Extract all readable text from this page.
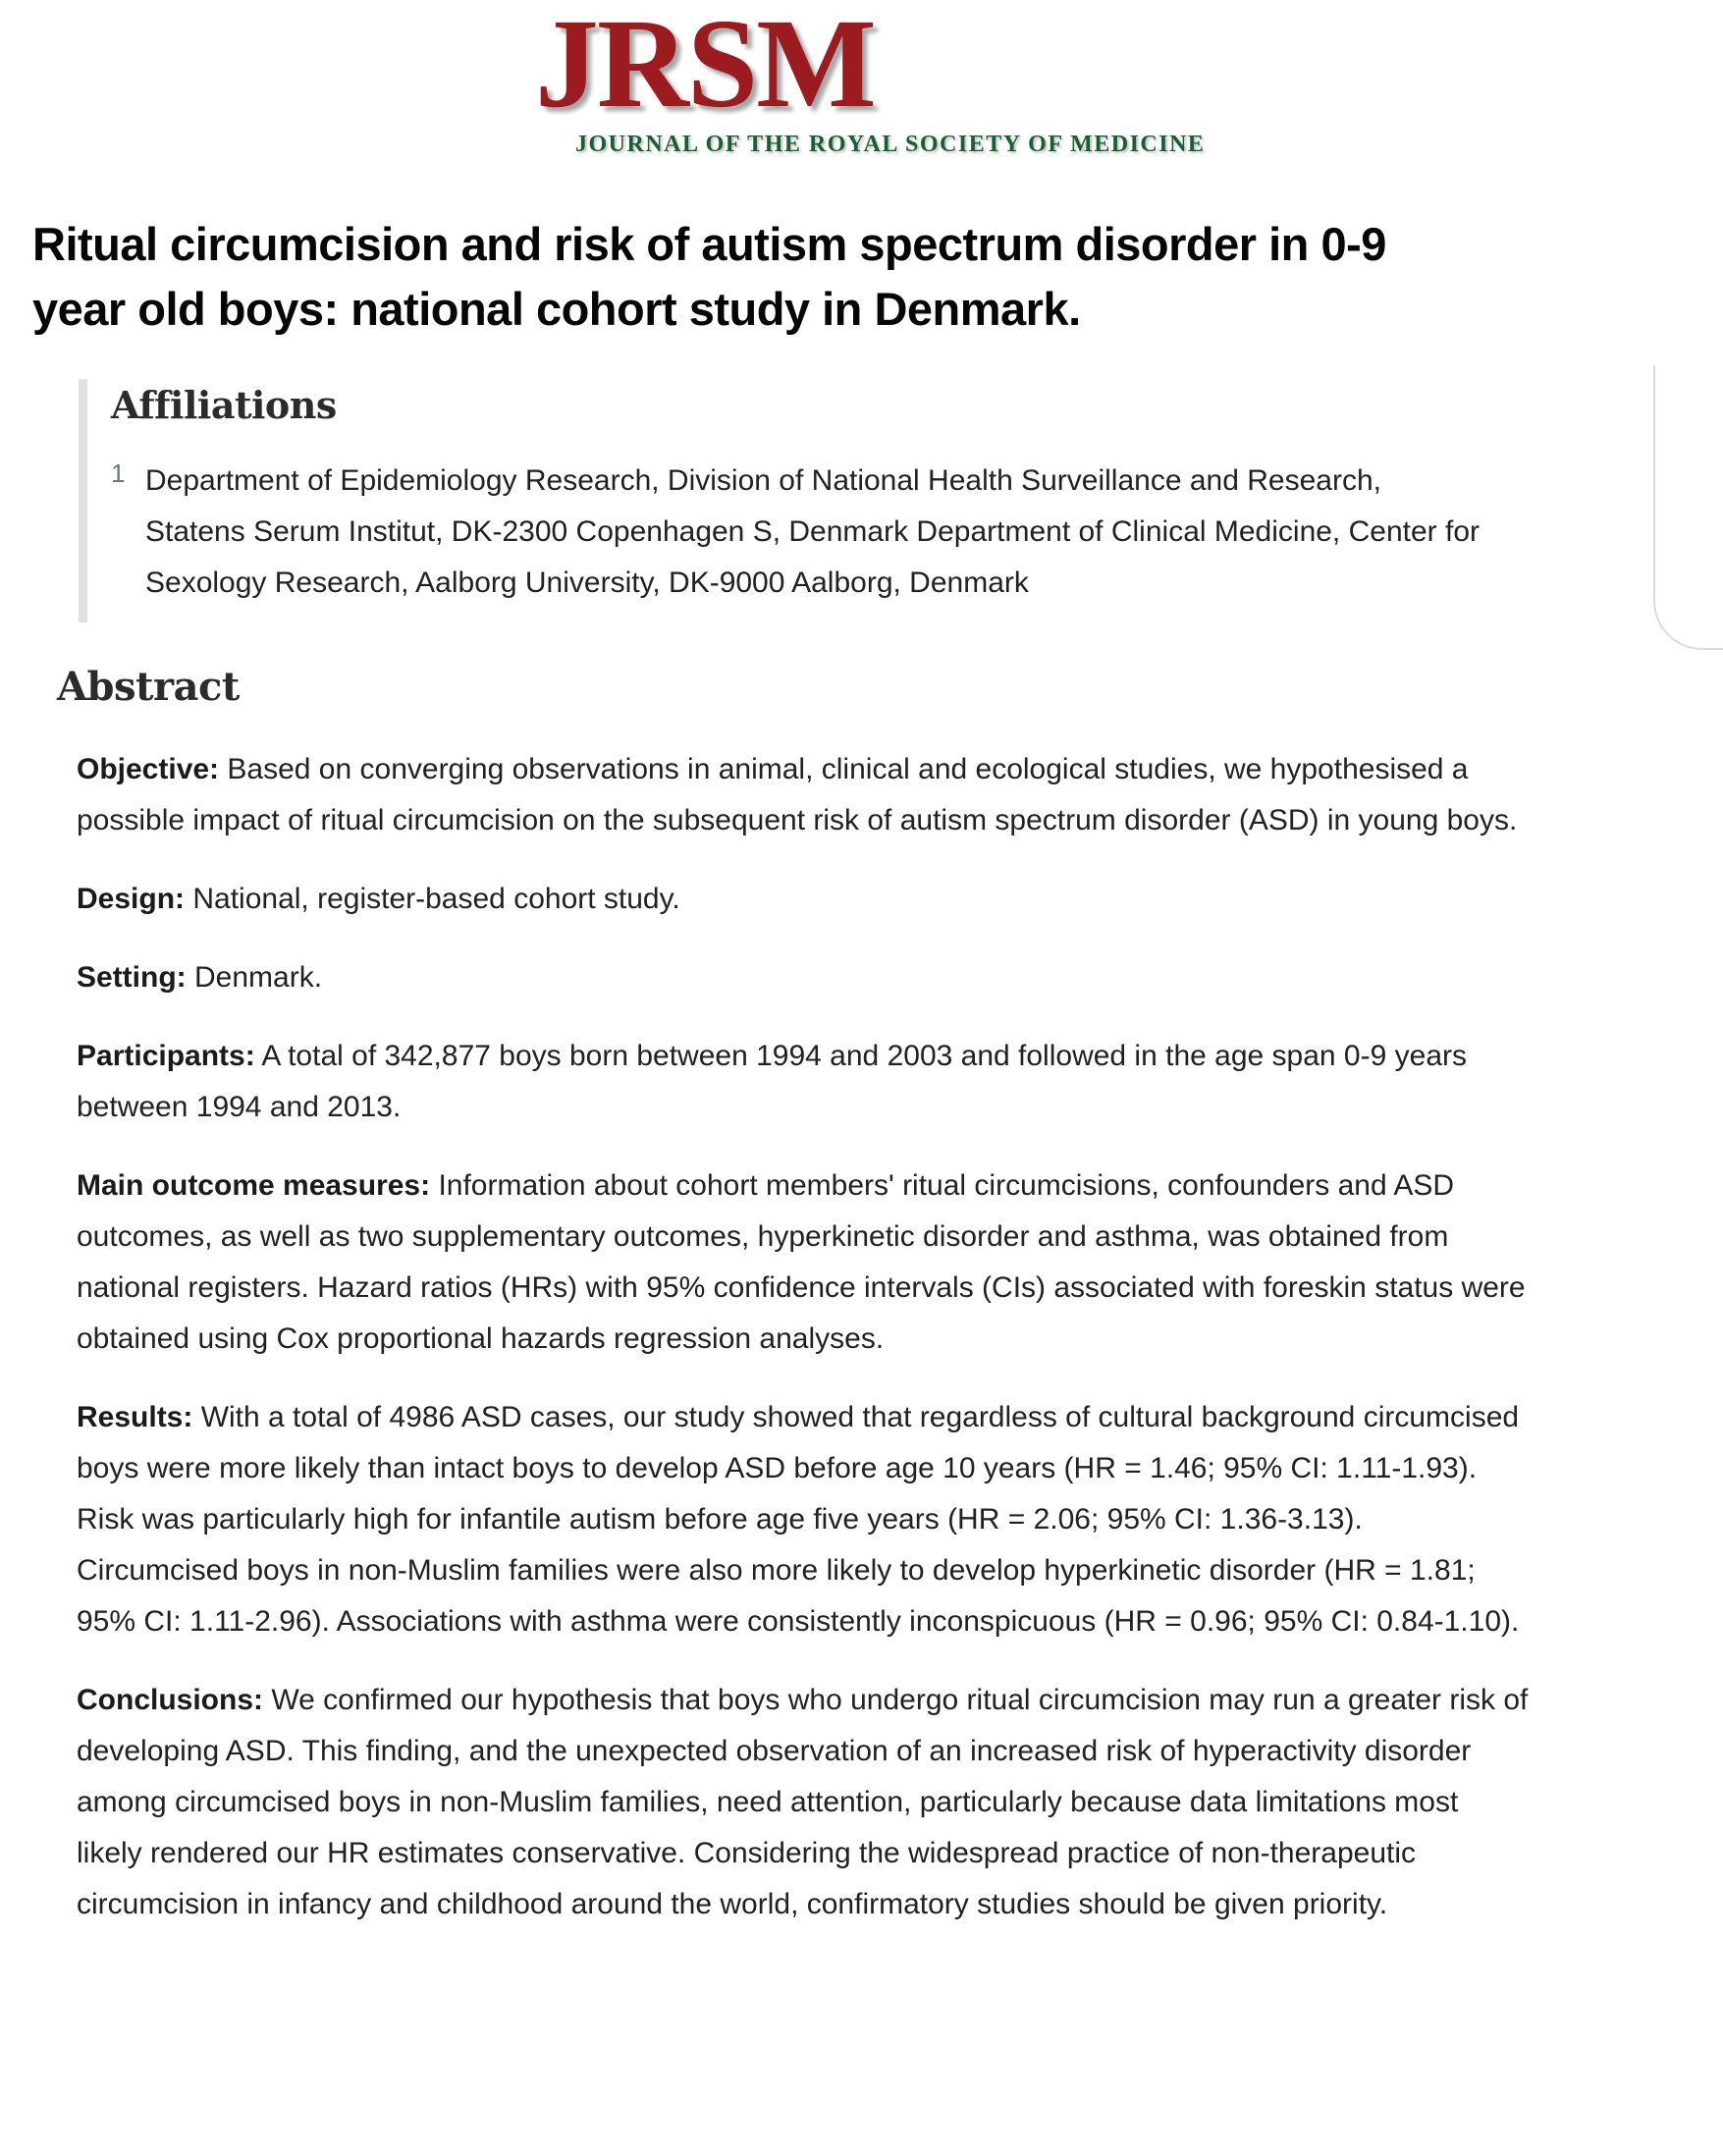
JRSM
JOURNAL OF THE ROYAL SOCIETY OF MEDICINE
Ritual circumcision and risk of autism spectrum disorder in 0-9 year old boys: national cohort study in Denmark.
Affiliations
1 Department of Epidemiology Research, Division of National Health Surveillance and Research, Statens Serum Institut, DK-2300 Copenhagen S, Denmark Department of Clinical Medicine, Center for Sexology Research, Aalborg University, DK-9000 Aalborg, Denmark
Abstract

Objective: Based on converging observations in animal, clinical and ecological studies, we hypothesised a possible impact of ritual circumcision on the subsequent risk of autism spectrum disorder (ASD) in young boys.

Design: National, register-based cohort study.

Setting: Denmark.

Participants: A total of 342,877 boys born between 1994 and 2003 and followed in the age span 0-9 years between 1994 and 2013.

Main outcome measures: Information about cohort members' ritual circumcisions, confounders and ASD outcomes, as well as two supplementary outcomes, hyperkinetic disorder and asthma, was obtained from national registers. Hazard ratios (HRs) with 95% confidence intervals (CIs) associated with foreskin status were obtained using Cox proportional hazards regression analyses.

Results: With a total of 4986 ASD cases, our study showed that regardless of cultural background circumcised boys were more likely than intact boys to develop ASD before age 10 years (HR = 1.46; 95% CI: 1.11-1.93). Risk was particularly high for infantile autism before age five years (HR = 2.06; 95% CI: 1.36-3.13). Circumcised boys in non-Muslim families were also more likely to develop hyperkinetic disorder (HR = 1.81; 95% CI: 1.11-2.96). Associations with asthma were consistently inconspicuous (HR = 0.96; 95% CI: 0.84-1.10).

Conclusions: We confirmed our hypothesis that boys who undergo ritual circumcision may run a greater risk of developing ASD. This finding, and the unexpected observation of an increased risk of hyperactivity disorder among circumcised boys in non-Muslim families, need attention, particularly because data limitations most likely rendered our HR estimates conservative. Considering the widespread practice of non-therapeutic circumcision in infancy and childhood around the world, confirmatory studies should be given priority.
